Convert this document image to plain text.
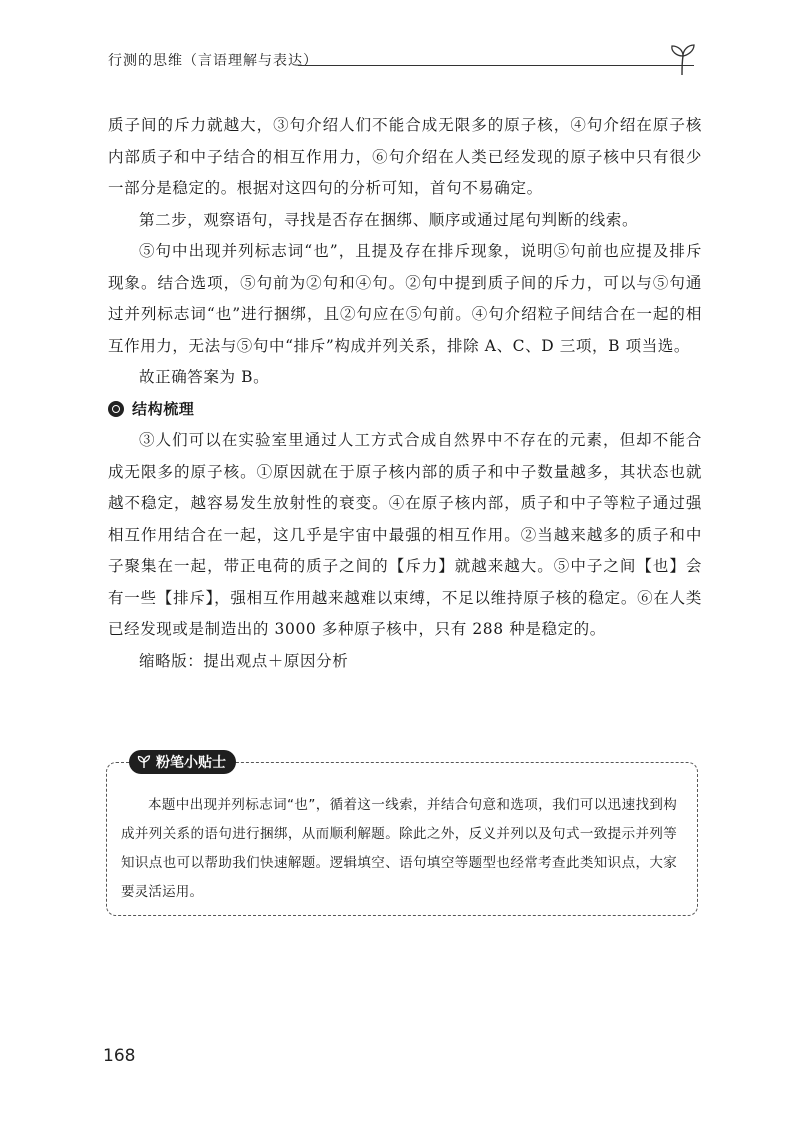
行测的思维（言语理解与表达）

质子间的斥力就越大，③句介绍人们不能合成无限多的原子核，④句介绍在原子核内部质子和中子结合的相互作用力，⑥句介绍在人类已经发现的原子核中只有很少一部分是稳定的。根据对这四句的分析可知，首句不易确定。

第二步，观察语句，寻找是否存在捆绑、顺序或通过尾句判断的线索。

⑤句中出现并列标志词“也”，且提及存在排斥现象，说明⑤句前也应提及排斥现象。结合选项，⑤句前为②句和④句。②句中提到质子间的斥力，可以与⑤句通过并列标志词“也”进行捆绑，且②句应在⑤句前。④句介绍粒子间结合在一起的相互作用力，无法与⑤句中“排斥”构成并列关系，排除 A、C、D 三项，B 项当选。

故正确答案为 B。

结构梳理

③人们可以在实验室里通过人工方式合成自然界中不存在的元素，但却不能合成无限多的原子核。①原因就在于原子核内部的质子和中子数量越多，其状态也就越不稳定，越容易发生放射性的衰变。④在原子核内部，质子和中子等粒子通过强相互作用结合在一起，这几乎是宇宙中最强的相互作用。②当越来越多的质子和中子聚集在一起，带正电荷的质子之间的【斥力】就越来越大。⑤中子之间【也】会有一些【排斥】，强相互作用越来越难以束缚，不足以维持原子核的稳定。⑥在人类已经发现或是制造出的 3000 多种原子核中，只有 288 种是稳定的。

缩略版：提出观点＋原因分析

粉笔小贴士

本题中出现并列标志词“也”，循着这一线索，并结合句意和选项，我们可以迅速找到构成并列关系的语句进行捆绑，从而顺利解题。除此之外，反义并列以及句式一致提示并列等知识点也可以帮助我们快速解题。逻辑填空、语句填空等题型也经常考查此类知识点，大家要灵活运用。

168
